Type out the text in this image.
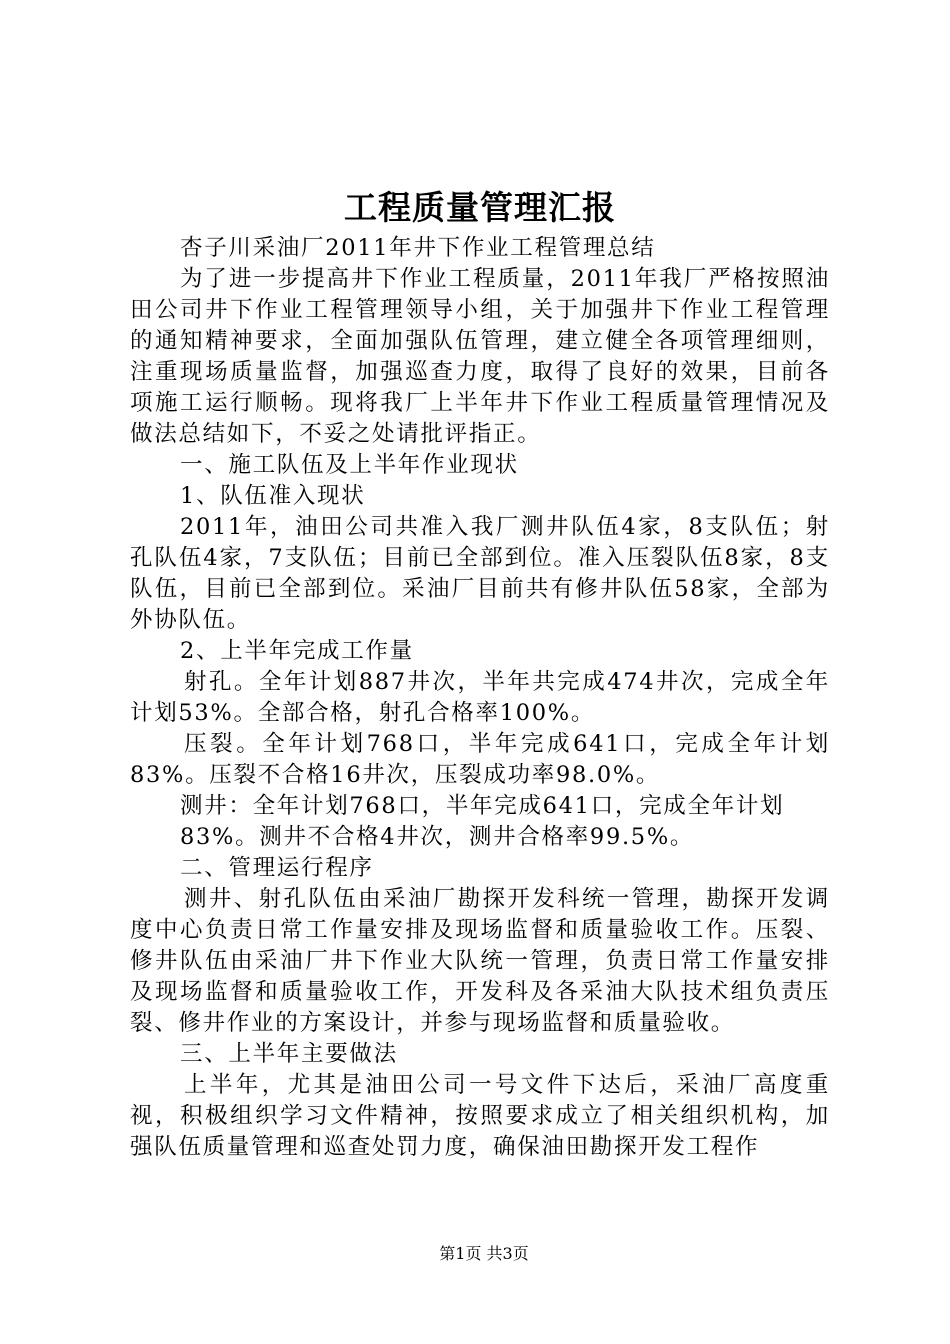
工程质量管理汇报

杏子川采油厂2011年井下作业工程管理总结

为了进一步提高井下作业工程质量，2011年我厂严格按照油田公司井下作业工程管理领导小组，关于加强井下作业工程管理的通知精神要求，全面加强队伍管理，建立健全各项管理细则，注重现场质量监督，加强巡查力度，取得了良好的效果，目前各项施工运行顺畅。现将我厂上半年井下作业工程质量管理情况及做法总结如下，不妥之处请批评指正。

一、施工队伍及上半年作业现状

1、队伍准入现状

2011年，油田公司共准入我厂测井队伍4家，8支队伍；射孔队伍4家，7支队伍；目前已全部到位。准入压裂队伍8家，8支队伍，目前已全部到位。采油厂目前共有修井队伍58家，全部为外协队伍。

2、上半年完成工作量

射孔。全年计划887井次，半年共完成474井次，完成全年计划53%。全部合格，射孔合格率100%。

压裂。全年计划768口，半年完成641口，完成全年计划83%。压裂不合格16井次，压裂成功率98.0%。

测井：全年计划768口，半年完成641口，完成全年计划

83%。测井不合格4井次，测井合格率99.5%。

二、管理运行程序

测井、射孔队伍由采油厂勘探开发科统一管理，勘探开发调度中心负责日常工作量安排及现场监督和质量验收工作。压裂、修井队伍由采油厂井下作业大队统一管理，负责日常工作量安排及现场监督和质量验收工作，开发科及各采油大队技术组负责压裂、修井作业的方案设计，并参与现场监督和质量验收。

三、上半年主要做法

上半年，尤其是油田公司一号文件下达后，采油厂高度重视，积极组织学习文件精神，按照要求成立了相关组织机构，加强队伍质量管理和巡查处罚力度，确保油田勘探开发工程作

第1页 共3页
